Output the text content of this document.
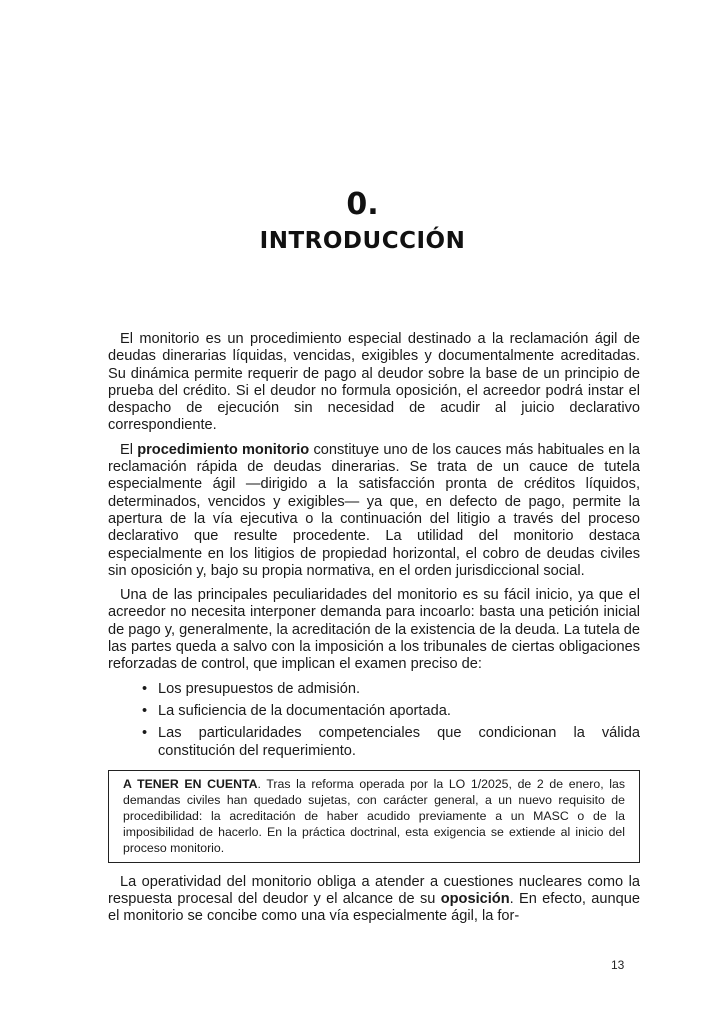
0.
INTRODUCCIÓN

El monitorio es un procedimiento especial destinado a la reclamación ágil de deudas dinerarias líquidas, vencidas, exigibles y documentalmente acreditadas. Su dinámica permite requerir de pago al deudor sobre la base de un principio de prueba del crédito. Si el deudor no formula oposición, el acreedor podrá instar el despacho de ejecución sin necesidad de acudir al juicio declarativo correspondiente.

El procedimiento monitorio constituye uno de los cauces más habituales en la reclamación rápida de deudas dinerarias. Se trata de un cauce de tutela especialmente ágil —dirigido a la satisfacción pronta de créditos líquidos, determinados, vencidos y exigibles— ya que, en defecto de pago, permite la apertura de la vía ejecutiva o la continuación del litigio a través del proceso declarativo que resulte procedente. La utilidad del monitorio destaca especialmente en los litigios de propiedad horizontal, el cobro de deudas civiles sin oposición y, bajo su propia normativa, en el orden jurisdiccional social.

Una de las principales peculiaridades del monitorio es su fácil inicio, ya que el acreedor no necesita interponer demanda para incoarlo: basta una petición inicial de pago y, generalmente, la acreditación de la existencia de la deuda. La tutela de las partes queda a salvo con la imposición a los tribunales de ciertas obligaciones reforzadas de control, que implican el examen preciso de:

• Los presupuestos de admisión.
• La suficiencia de la documentación aportada.
• Las particularidades competenciales que condicionan la válida constitución del requerimiento.

A TENER EN CUENTA. Tras la reforma operada por la LO 1/2025, de 2 de enero, las demandas civiles han quedado sujetas, con carácter general, a un nuevo requisito de procedibilidad: la acreditación de haber acudido previamente a un MASC o de la imposibilidad de hacerlo. En la práctica doctrinal, esta exigencia se extiende al inicio del proceso monitorio.

La operatividad del monitorio obliga a atender a cuestiones nucleares como la respuesta procesal del deudor y el alcance de su oposición. En efecto, aunque el monitorio se concibe como una vía especialmente ágil, la for-

13
